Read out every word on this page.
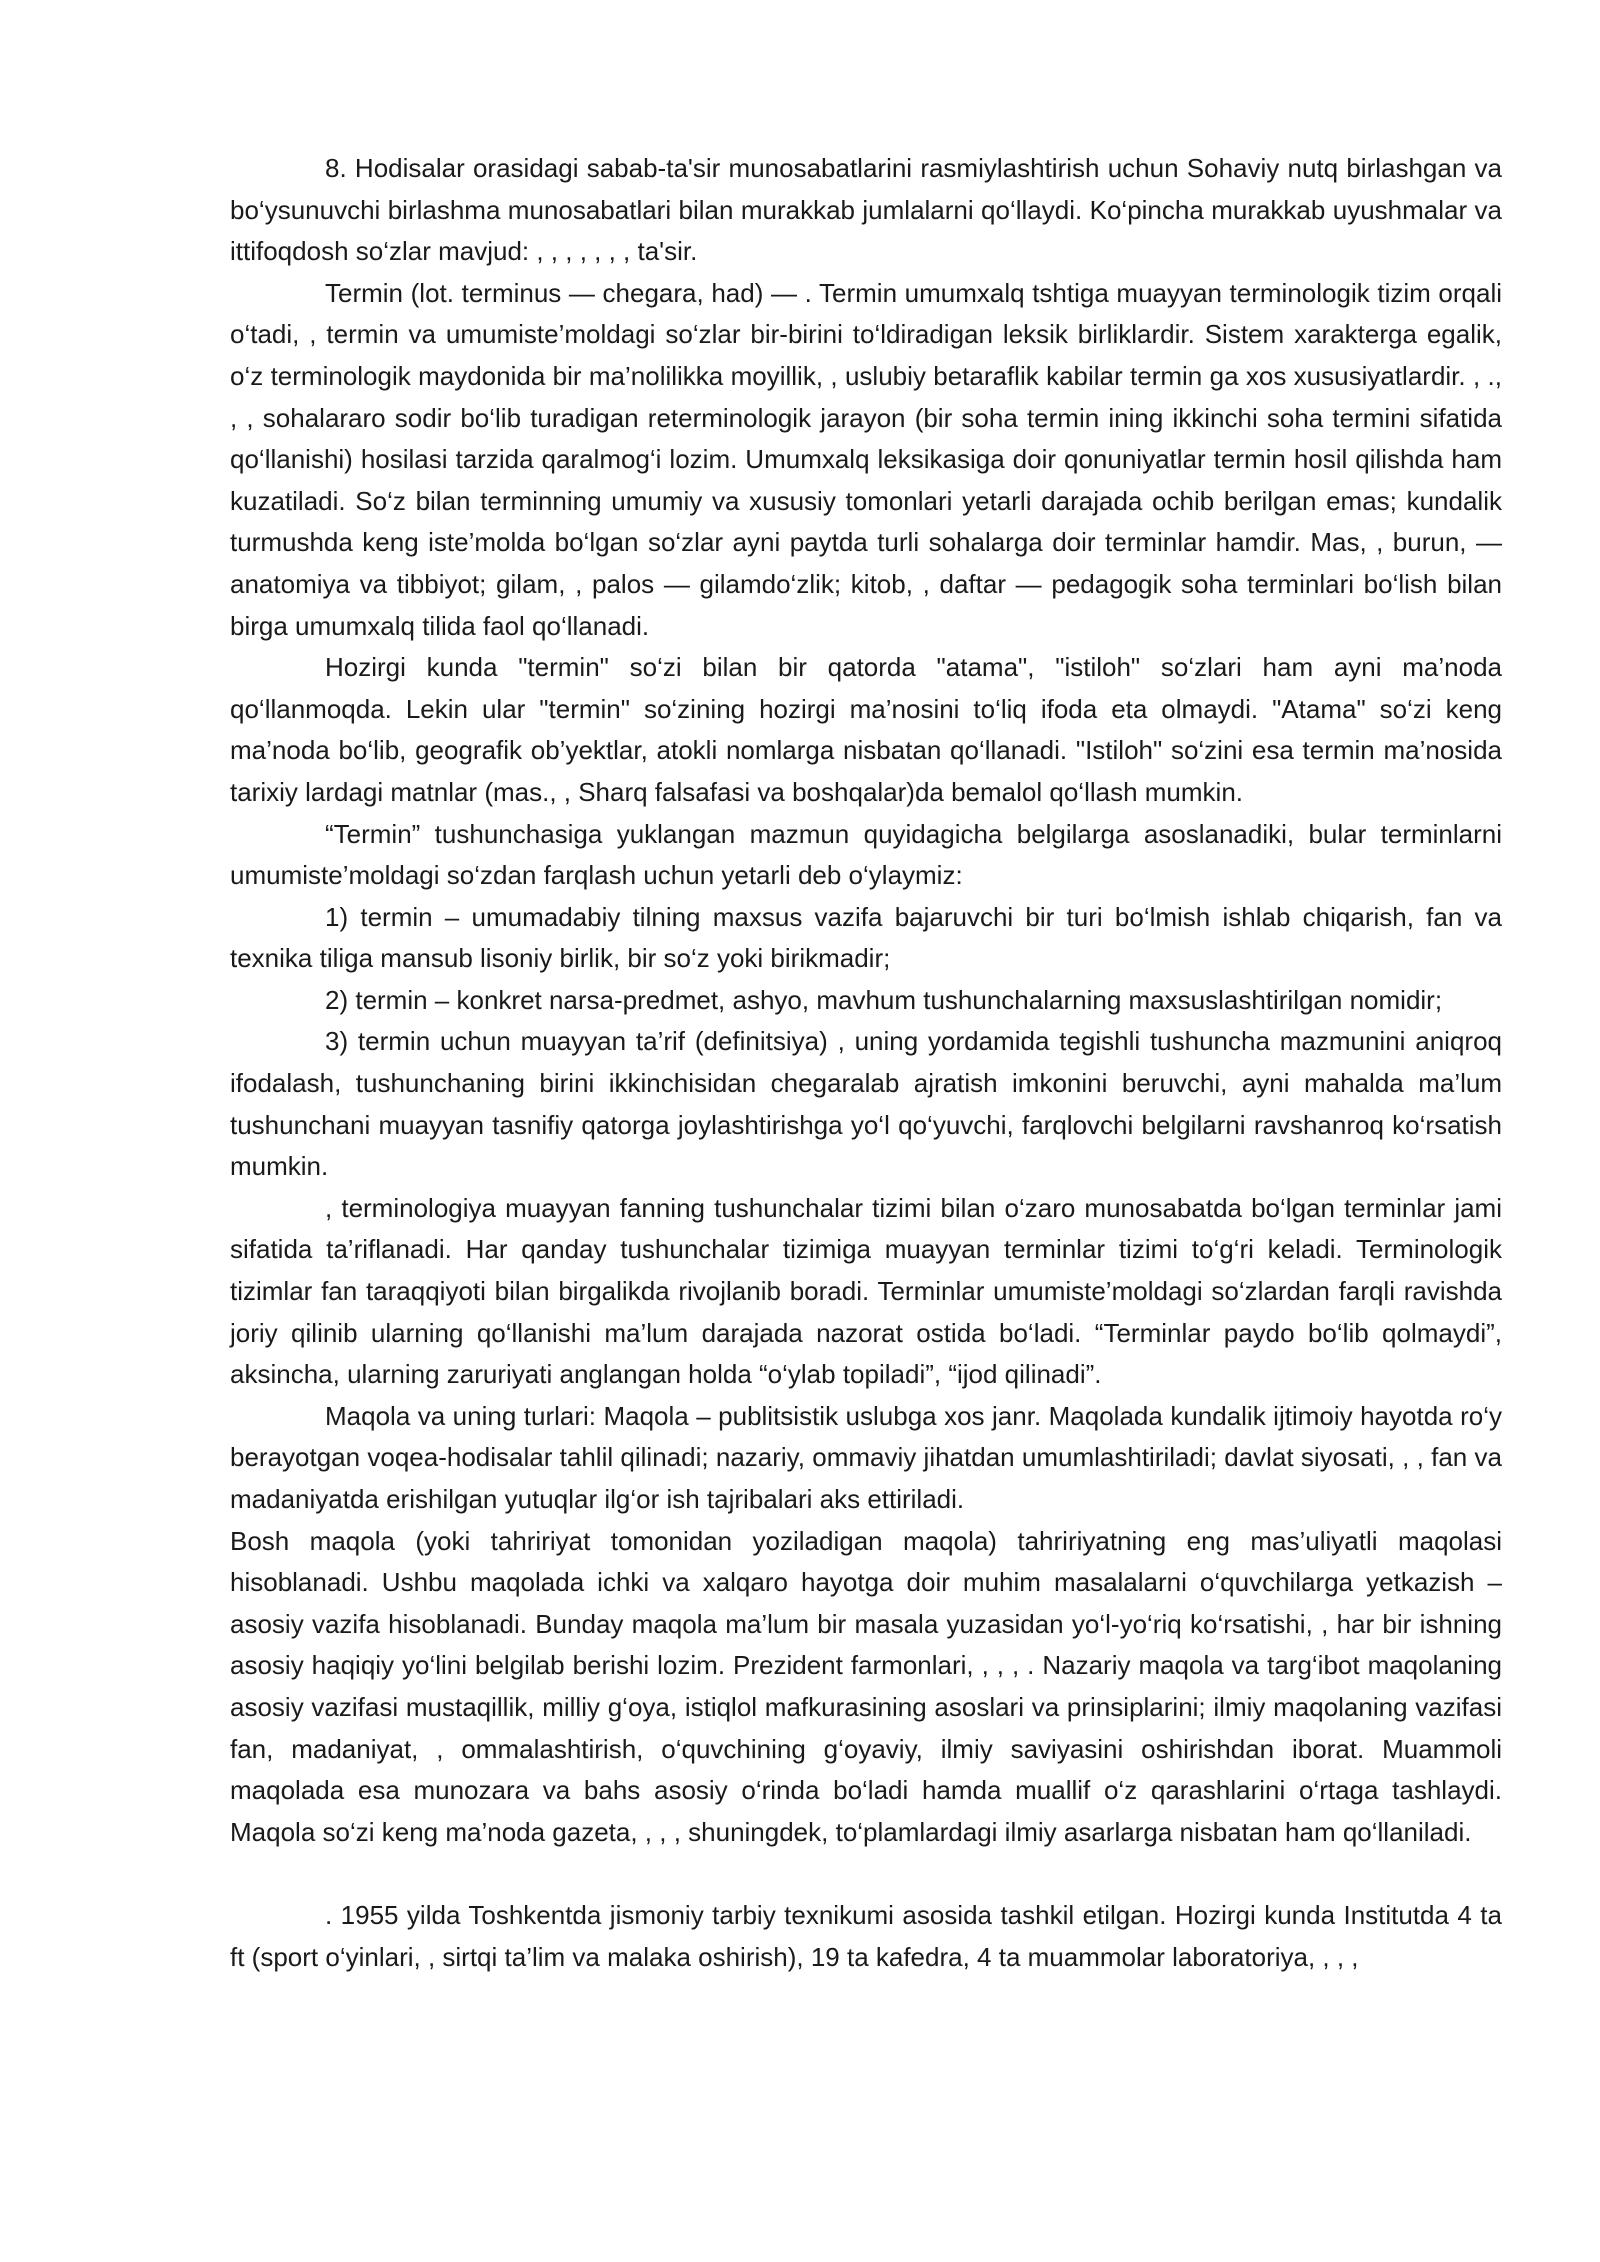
8. Hodisalar orasidagi sabab-ta'sir munosabatlarini rasmiylashtirish uchun Sohaviy nutq birlashgan va bo‘ysunuvchi birlashma munosabatlari bilan murakkab jumlalarni qo‘llaydi. Ko‘pincha murakkab uyushmalar va ittifoqdosh so‘zlar mavjud: , , , , , , , ta'sir.

Termin (lot. terminus — chegara, had) — . Termin umumxalq tshtiga muayyan terminologik tizim orqali o‘tadi, , termin va umumiste’moldagi so‘zlar bir-birini to‘ldiradigan leksik birliklardir. Sistem xarakterga egalik, o‘z terminologik maydonida bir ma’nolilikka moyillik, , uslubiy betaraflik kabilar termin ga xos xususiyatlardir. , ., , , sohalararo sodir bo‘lib turadigan reterminologik jarayon (bir soha termin ining ikkinchi soha termini sifatida qo‘llanishi) hosilasi tarzida qaralmog‘i lozim. Umumxalq leksikasiga doir qonuniyatlar termin hosil qilishda ham kuzatiladi. So‘z bilan terminning umumiy va xususiy tomonlari yetarli darajada ochib berilgan emas; kundalik turmushda keng iste’molda bo‘lgan so‘zlar ayni paytda turli sohalarga doir terminlar hamdir. Mas, , burun, — anatomiya va tibbiyot; gilam, , palos — gilamdo‘zlik; kitob, , daftar — pedagogik soha terminlari bo‘lish bilan birga umumxalq tilida faol qo‘llanadi.

Hozirgi kunda "termin" so‘zi bilan bir qatorda "atama", "istiloh" so‘zlari ham ayni ma’noda qo‘llanmoqda. Lekin ular "termin" so‘zining hozirgi ma’nosini to‘liq ifoda eta olmaydi. "Atama" so‘zi keng ma’noda bo‘lib, geografik ob’yektlar, atokli nomlarga nisbatan qo‘llanadi. "Istiloh" so‘zini esa termin ma’nosida tarixiy lardagi matnlar (mas., , Sharq falsafasi va boshqalar)da bemalol qo‘llash mumkin.

“Termin” tushunchasiga yuklangan mazmun quyidagicha belgilarga asoslanadiki, bular terminlarni umumiste’moldagi so‘zdan farqlash uchun yetarli deb o‘ylaymiz:

1) termin – umumadabiy tilning maxsus vazifa bajaruvchi bir turi bo‘lmish ishlab chiqarish, fan va texnika tiliga mansub lisoniy birlik, bir so‘z yoki birikmadir;

2) termin – konkret narsa-predmet, ashyo, mavhum tushunchalarning maxsuslashtirilgan nomidir;

3) termin uchun muayyan ta’rif (definitsiya) , uning yordamida tegishli tushuncha mazmunini aniqroq ifodalash, tushunchaning birini ikkinchisidan chegaralab ajratish imkonini beruvchi, ayni mahalda ma’lum tushunchani muayyan tasnifiy qatorga joylashtirishga yo‘l qo‘yuvchi, farqlovchi belgilarni ravshanroq ko‘rsatish mumkin.

, terminologiya muayyan fanning tushunchalar tizimi bilan o‘zaro munosabatda bo‘lgan terminlar jami sifatida ta’riflanadi. Har qanday tushunchalar tizimiga muayyan terminlar tizimi to‘g‘ri keladi. Terminologik tizimlar fan taraqqiyoti bilan birgalikda rivojlanib boradi. Terminlar umumiste’moldagi so‘zlardan farqli ravishda joriy qilinib ularning qo‘llanishi ma’lum darajada nazorat ostida bo‘ladi. “Terminlar paydo bo‘lib qolmaydi”, aksincha, ularning zaruriyati anglangan holda “o‘ylab topiladi”, “ijod qilinadi”.

Maqola va uning turlari: Maqola – publitsistik uslubga xos janr. Maqolada kundalik ijtimoiy hayotda ro‘y berayotgan voqea-hodisalar tahlil qilinadi; nazariy, ommaviy jihatdan umumlashtiriladi; davlat siyosati, , , fan va madaniyatda erishilgan yutuqlar ilg‘or ish tajribalari aks ettiriladi.

Bosh maqola (yoki tahririyat tomonidan yoziladigan maqola) tahririyatning eng mas’uliyatli maqolasi hisoblanadi. Ushbu maqolada ichki va xalqaro hayotga doir muhim masalalarni o‘quvchilarga yetkazish – asosiy vazifa hisoblanadi. Bunday maqola ma’lum bir masala yuzasidan yo‘l-yo‘riq ko‘rsatishi, , har bir ishning asosiy haqiqiy yo‘lini belgilab berishi lozim. Prezident farmonlari, , , , . Nazariy maqola va targ‘ibot maqolaning asosiy vazifasi mustaqillik, milliy g‘oya, istiqlol mafkurasining asoslari va prinsiplarini; ilmiy maqolaning vazifasi fan, madaniyat, , ommalashtirish, o‘quvchining g‘oyaviy, ilmiy saviyasini oshirishdan iborat. Muammoli maqolada esa munozara va bahs asosiy o‘rinda bo‘ladi hamda muallif o‘z qarashlarini o‘rtaga tashlaydi. Maqola so‘zi keng ma’noda gazeta, , , , shuningdek, to‘plamlardagi ilmiy asarlarga nisbatan ham qo‘llaniladi.

. 1955 yilda Toshkentda jismoniy tarbiy texnikumi asosida tashkil etilgan. Hozirgi kunda Institutda 4 ta ft (sport o‘yinlari, , sirtqi ta’lim va malaka oshirish), 19 ta kafedra, 4 ta muammolar laboratoriya, , , ,
